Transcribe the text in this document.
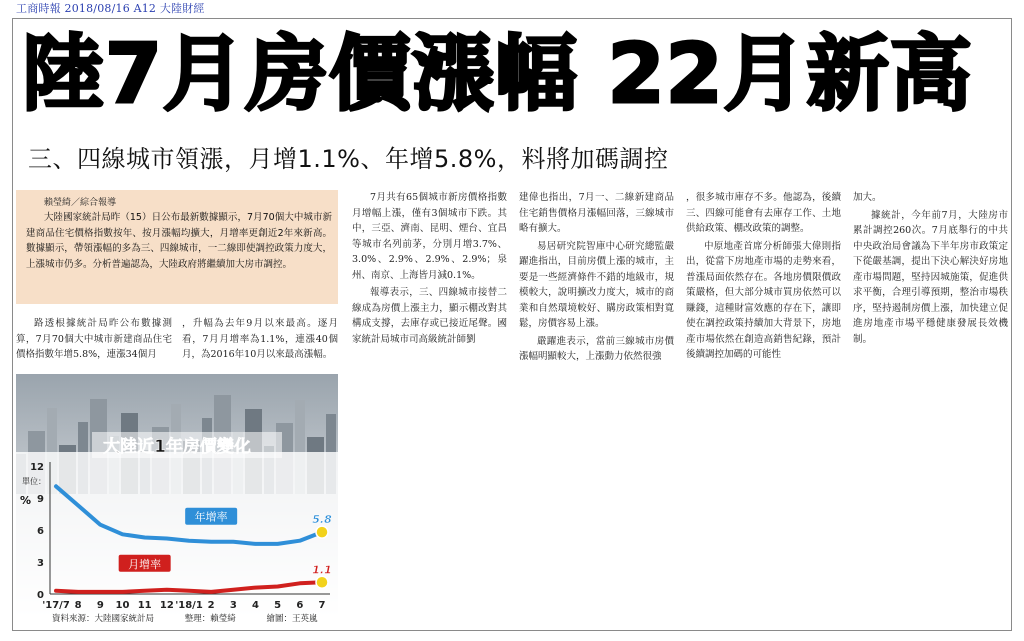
工商時報 2018/08/16 A12 大陸財經
陸7月房價漲幅 22月新高
三、四線城市領漲，月增1.1%、年增5.8%，料將加碼調控
賴瑩綺／綜合報導
大陸國家統計局昨（15）日公布最新數據顯示，7月70個大中城市新建商品住宅價格指數按年、按月漲幅均擴大，月增率更創近2年來新高。數據顯示，帶領漲幅的多為三、四線城市，一二線即使調控政策力度大，上漲城市仍多。分析普遍認為，大陸政府將繼續加大房市調控。

路透根據統計局昨公布數據測算，7月70個大中城市新建商品住宅價格指數年增5.8%，連漲34個月

，升幅為去年9月以來最高。逐月看，7月月增率為1.1%，連漲40個月，為2016年10月以來最高漲幅。

7月共有65個城市新房價格指數月增幅上漲，僅有3個城市下跌。其中，三亞、濟南、昆明、煙台、宜昌等城市名列前茅，分別月增3.7%、3.0%、2.9%、2.9%、2.9%；泉州、南京、上海皆月減0.1%。

報導表示，三、四線城市接替二線成為房價上漲主力，顯示棚改對其構成支撐，去庫存或已接近尾聲。國家統計局城市司高級統計師劉

建偉也指出，7月一、二線新建商品住宅銷售價格月漲幅回落，三線城市略有擴大。

易居研究院智庫中心研究總監嚴躍進指出，目前房價上漲的城市，主要是一些經濟條件不錯的地級市，規模較大，說明擴改力度大，城市的商業和自然環境較好、購房政策相對寬鬆，房價容易上漲。

嚴躍進表示，當前三線城市房價漲幅明顯較大，上漲動力依然很強

，很多城市庫存不多。他認為，後續三、四線可能會有去庫存工作、土地供給政策、棚改政策的調整。

中原地產首席分析師張大偉則指出，從當下房地產市場的走勢來看，普漲局面依然存在。各地房價限價政策嚴格，但大部分城市買房依然可以賺錢，這種財富效應的存在下，讓即使在調控政策持續加大背景下，房地產市場依然在創造高銷售紀錄，預計後續調控加碼的可能性

加大。

據統計，今年前7月，大陸房市累計調控260次。7月底舉行的中共中央政治局會議為下半年房市政策定下從嚴基調，提出下決心解決好房地產市場問題，堅持因城施策，促進供求平衡，合理引導預期，整治市場秩序，堅持遏制房價上漲，加快建立促進房地產市場平穩健康發展長效機制。

大陸近1年房價變化
0
3
6
9
12
單位：
%
'17/7 8 9 10 11 12 '18/1 2 3 4 5 6 7
年增率	5.8
月增率	1.1
資料來源：大陸國家統計局	整理：賴瑩綺	繪圖：王英嵐
